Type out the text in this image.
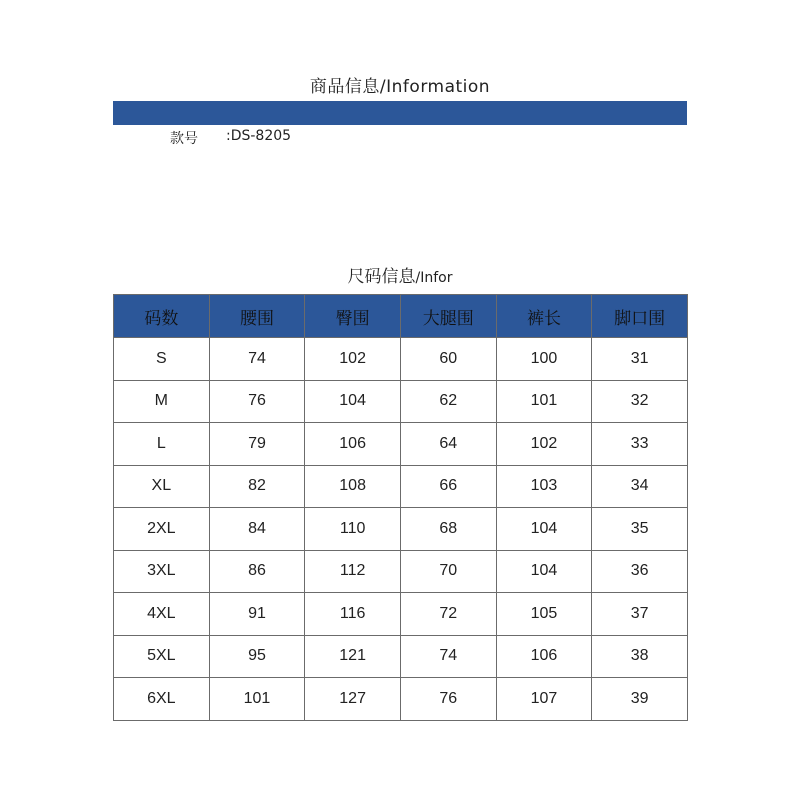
商品信息/Information
款号	:DS-8205
尺码信息/Infor
码数	腰围	臀围	大腿围	裤长	脚口围
S	74	102	60	100	31
M	76	104	62	101	32
L	79	106	64	102	33
XL	82	108	66	103	34
2XL	84	110	68	104	35
3XL	86	112	70	104	36
4XL	91	116	72	105	37
5XL	95	121	74	106	38
6XL	101	127	76	107	39
